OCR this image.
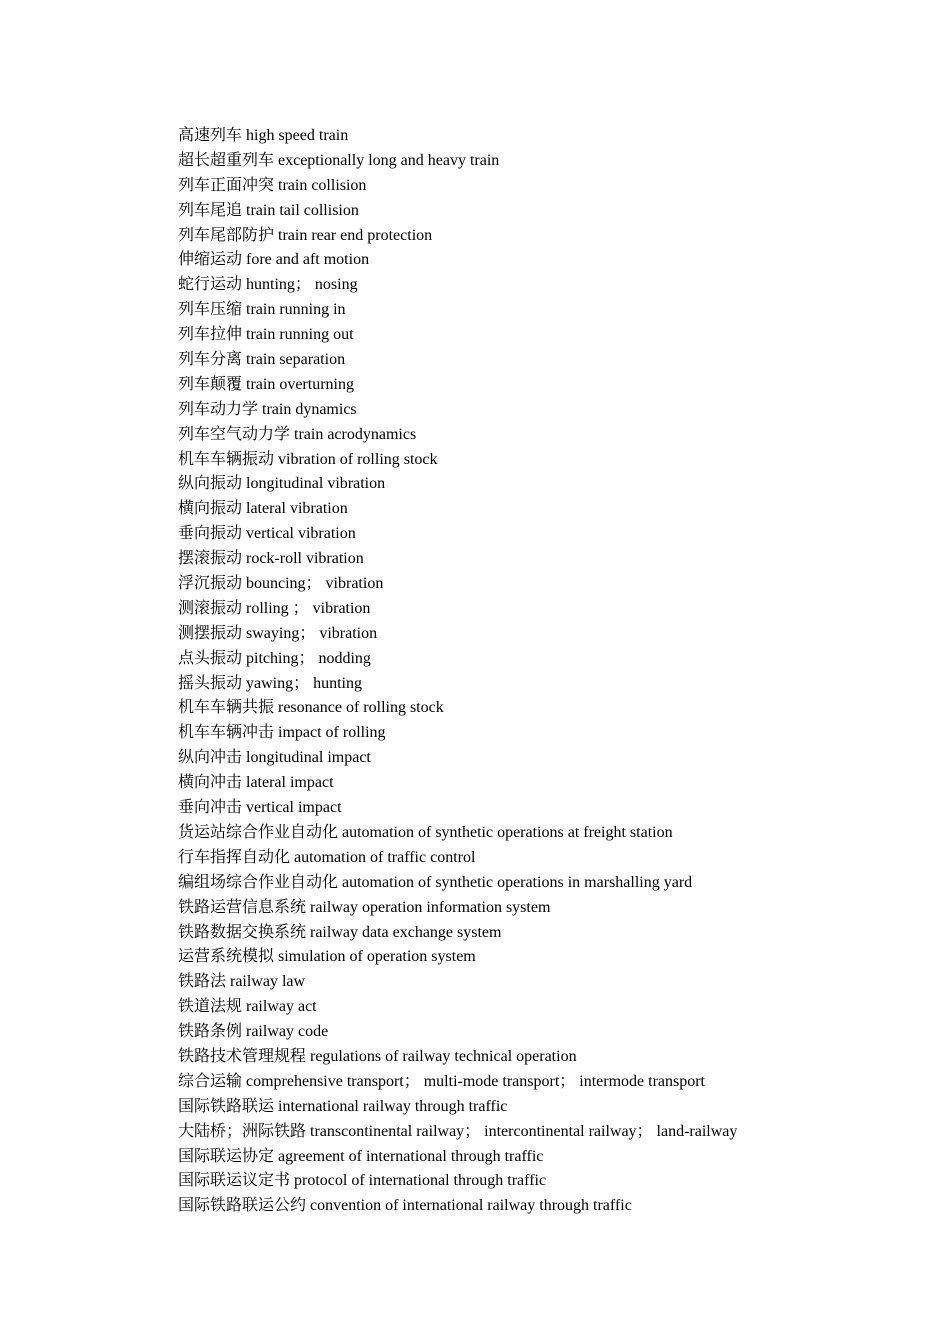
高速列车 high speed train
超长超重列车 exceptionally long and heavy train
列车正面冲突 train collision
列车尾追 train tail collision
列车尾部防护 train rear end protection
伸缩运动 fore and aft motion
蛇行运动 hunting； nosing
列车压缩 train running in
列车拉伸 train running out
列车分离 train separation
列车颠覆 train overturning
列车动力学 train dynamics
列车空气动力学 train acrodynamics
机车车辆振动 vibration of rolling stock
纵向振动 longitudinal vibration
横向振动 lateral vibration
垂向振动 vertical vibration
摆滚振动 rock-roll vibration
浮沉振动 bouncing； vibration
测滚振动 rolling ； vibration
测摆振动 swaying； vibration
点头振动 pitching； nodding
摇头振动 yawing； hunting
机车车辆共振 resonance of rolling stock
机车车辆冲击 impact of rolling
纵向冲击 longitudinal impact
横向冲击 lateral impact
垂向冲击 vertical impact
货运站综合作业自动化 automation of synthetic operations at freight station
行车指挥自动化 automation of traffic control
编组场综合作业自动化 automation of synthetic operations in marshalling yard
铁路运营信息系统 railway operation information system
铁路数据交换系统 railway data exchange system
运营系统模拟 simulation of operation system
铁路法 railway law
铁道法规 railway act
铁路条例 railway code
铁路技术管理规程 regulations of railway technical operation
综合运输 comprehensive transport； multi-mode transport； intermode transport
国际铁路联运 international railway through traffic
大陆桥；洲际铁路 transcontinental railway； intercontinental railway； land-railway
国际联运协定 agreement of international through traffic
国际联运议定书 protocol of international through traffic
国际铁路联运公约 convention of international railway through traffic
